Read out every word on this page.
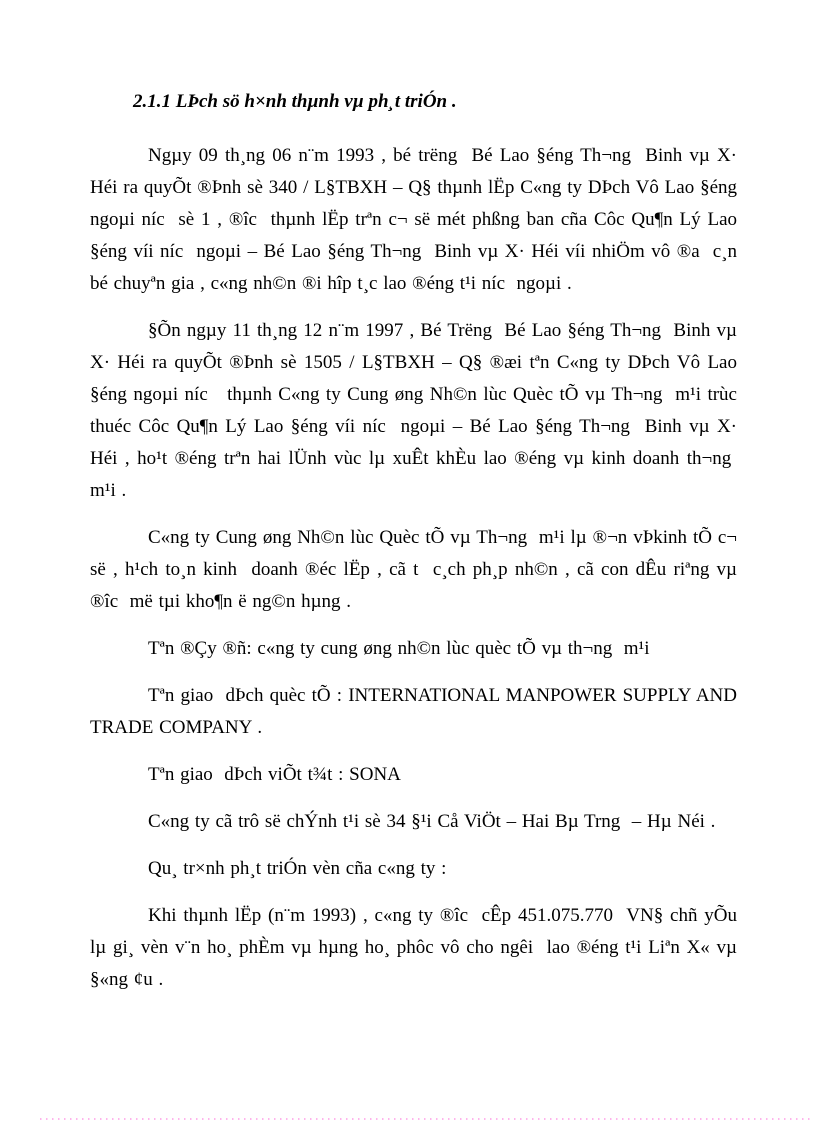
2.1.1 LÞch sö h×nh thµnh vµ ph¸t triÓn .

Ngµy 09 th¸ng 06 n¨m 1993 , bé trëng  Bé Lao §éng Th¬ng  Binh vµ X· Héi ra quyÕt ®Þnh sè 340 / L§TBXH – Q§ thµnh lËp C«ng ty DÞch Vô Lao §éng ngoµi níc  sè 1 , ®îc  thµnh lËp trªn c¬ së mét phßng ban cña Côc Qu¶n Lý Lao §éng víi níc  ngoµi – Bé Lao §éng Th¬ng  Binh vµ X· Héi víi nhiÖm vô ®a  c¸n bé chuyªn gia , c«ng nh©n ®i hîp t¸c lao ®éng t¹i níc  ngoµi .

§Õn ngµy 11 th¸ng 12 n¨m 1997 , Bé Trëng  Bé Lao §éng Th¬ng  Binh vµ X· Héi ra quyÕt ®Þnh sè 1505 / L§TBXH – Q§ ®æi tªn C«ng ty DÞch Vô Lao §éng ngoµi níc   thµnh C«ng ty Cung øng Nh©n lùc Quèc tÕ vµ Th¬ng  m¹i trùc thuéc Côc Qu¶n Lý Lao §éng víi níc  ngoµi – Bé Lao §éng Th¬ng  Binh vµ X· Héi , ho¹t ®éng trªn hai lÜnh vùc lµ xuÊt khÈu lao ®éng vµ kinh doanh th¬ng  m¹i .

C«ng ty Cung øng Nh©n lùc Quèc tÕ vµ Th¬ng  m¹i lµ ®¬n vÞkinh tÕ c¬ së , h¹ch to¸n kinh  doanh ®éc lËp , cã t  c¸ch ph¸p nh©n , cã con dÊu riªng vµ ®îc  më tµi kho¶n ë ng©n hµng .

Tªn ®Çy ®ñ: c«ng ty cung øng nh©n lùc quèc tÕ vµ th¬ng  m¹i

Tªn giao  dÞch quèc tÕ : INTERNATIONAL MANPOWER SUPPLY AND TRADE COMPANY .

Tªn giao  dÞch viÕt t¾t : SONA

C«ng ty cã trô së chÝnh t¹i sè 34 §¹i Cå ViÖt – Hai Bµ Trng  – Hµ Néi .

Qu¸ tr×nh ph¸t triÓn vèn cña c«ng ty :

Khi thµnh lËp (n¨m 1993) , c«ng ty ®îc  cÊp 451.075.770  VN§ chñ yÕu lµ gi¸ vèn v¨n ho¸ phÈm vµ hµng ho¸ phôc vô cho ngêi  lao ®éng t¹i Liªn X« vµ §«ng ¢u .
